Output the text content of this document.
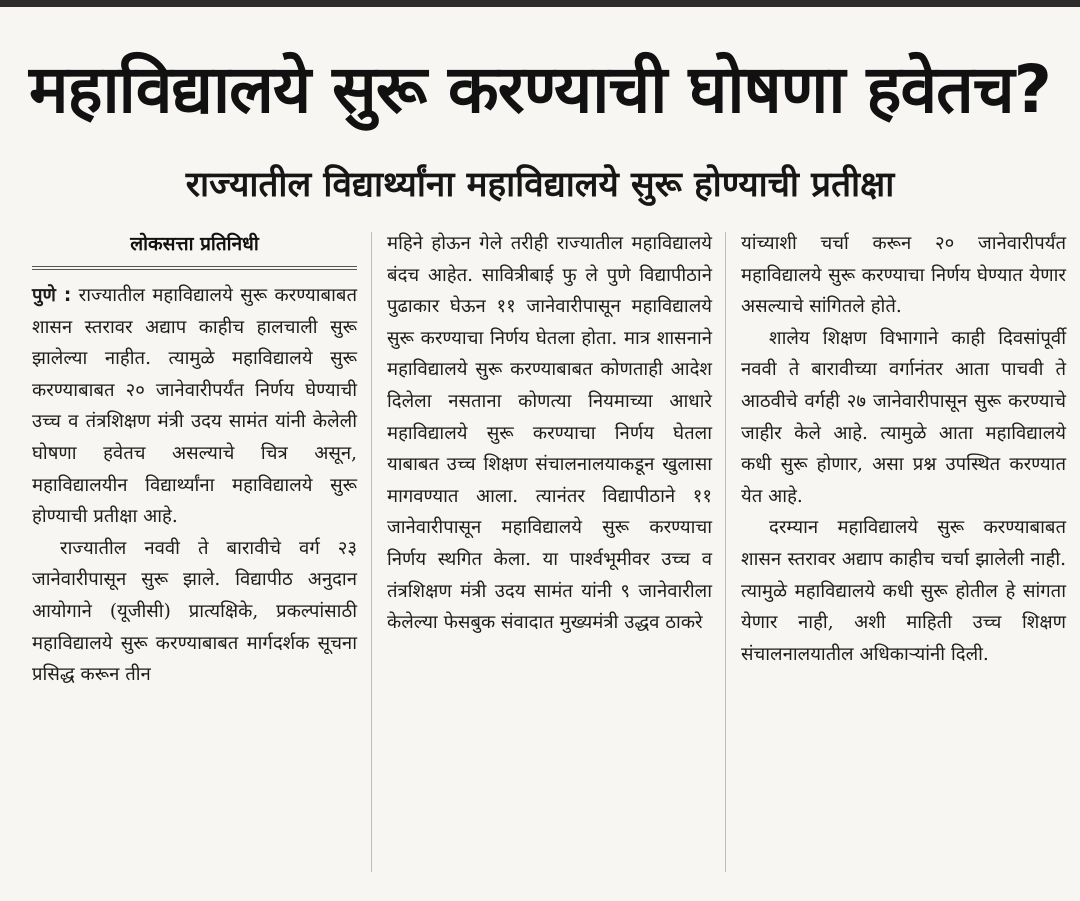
महाविद्यालये सुरू करण्याची घोषणा हवेतच?
राज्यातील विद्यार्थ्यांना महाविद्यालये सुरू होण्याची प्रतीक्षा
लोकसत्ता प्रतिनिधी

पुणे : राज्यातील महाविद्यालये सुरू करण्याबाबत शासन स्तरावर अद्याप काहीच हालचाली सुरू झालेल्या नाहीत. त्यामुळे महाविद्यालये सुरू करण्याबाबत २० जानेवारीपर्यंत निर्णय घेण्याची उच्च व तंत्रशिक्षण मंत्री उदय सामंत यांनी केलेली घोषणा हवेतच असल्याचे चित्र असून, महाविद्यालयीन विद्यार्थ्यांना महाविद्यालये सुरू होण्याची प्रतीक्षा आहे.

राज्यातील नववी ते बारावीचे वर्ग २३ जानेवारीपासून सुरू झाले. विद्यापीठ अनुदान आयोगाने (यूजीसी) प्रात्यक्षिके, प्रकल्पांसाठी महाविद्यालये सुरू करण्याबाबत मार्गदर्शक सूचना प्रसिद्ध करून तीन

महिने होऊन गेले तरीही राज्यातील महाविद्यालये बंदच आहेत. सावित्रीबाई फु ले पुणे विद्यापीठाने पुढाकार घेऊन ११ जानेवारीपासून महाविद्यालये सुरू करण्याचा निर्णय घेतला होता. मात्र शासनाने महाविद्यालये सुरू करण्याबाबत कोणताही आदेश दिलेला नसताना कोणत्या नियमाच्या आधारे महाविद्यालये सुरू करण्याचा निर्णय घेतला याबाबत उच्च शिक्षण संचालनालयाकडून खुलासा मागवण्यात आला. त्यानंतर विद्यापीठाने ११ जानेवारीपासून महाविद्यालये सुरू करण्याचा निर्णय स्थगित केला. या पार्श्वभूमीवर उच्च व तंत्रशिक्षण मंत्री उदय सामंत यांनी ९ जानेवारीला केलेल्या फेसबुक संवादात मुख्यमंत्री उद्धव ठाकरे

यांच्याशी चर्चा करून २० जानेवारीपर्यंत महाविद्यालये सुरू करण्याचा निर्णय घेण्यात येणार असल्याचे सांगितले होते.

शालेय शिक्षण विभागाने काही दिवसांपूर्वी नववी ते बारावीच्या वर्गानंतर आता पाचवी ते आठवीचे वर्गही २७ जानेवारीपासून सुरू करण्याचे जाहीर केले आहे. त्यामुळे आता महाविद्यालये कधी सुरू होणार, असा प्रश्न उपस्थित करण्यात येत आहे.

दरम्यान महाविद्यालये सुरू करण्याबाबत शासन स्तरावर अद्याप काहीच चर्चा झालेली नाही. त्यामुळे महाविद्यालये कधी सुरू होतील हे सांगता येणार नाही, अशी माहिती उच्च शिक्षण संचालनालयातील अधिकाऱ्यांनी दिली.
